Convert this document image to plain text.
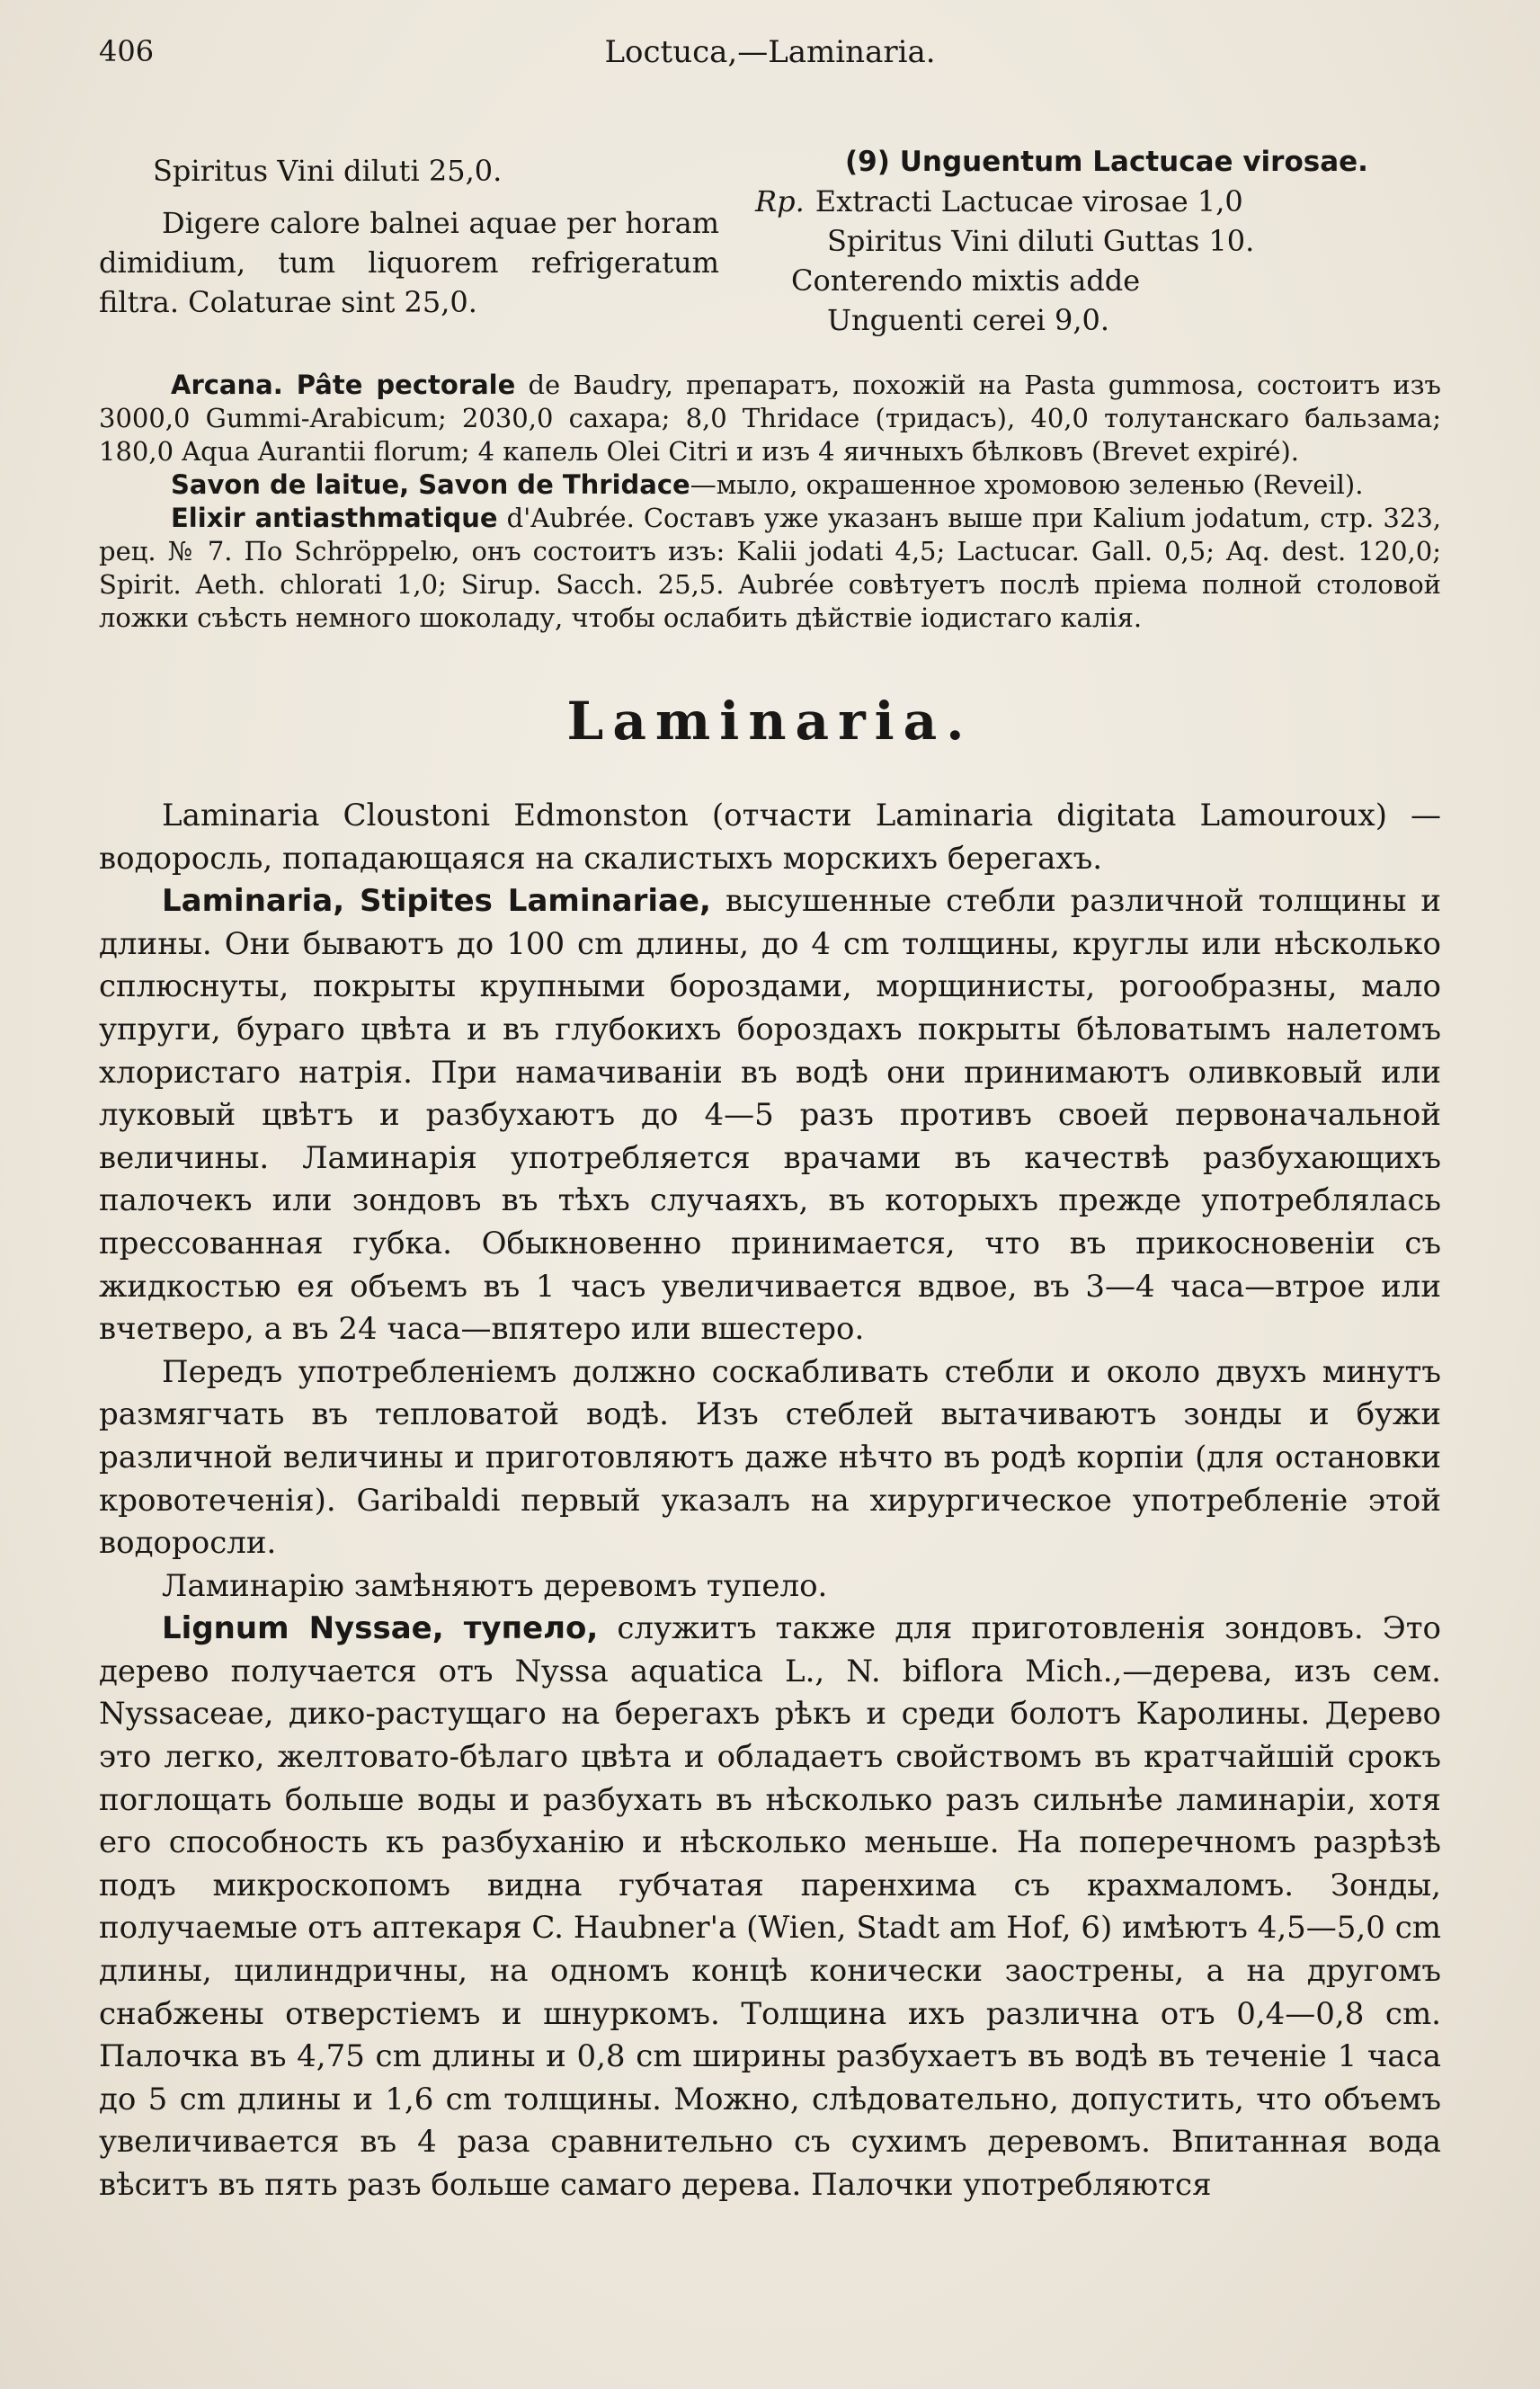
406	Loctuca,—Laminaria.

Spiritus Vini diluti 25,0.

Digere calore balnei aquae per horam dimidium, tum liquorem refrigeratum filtra. Colaturae sint 25,0.

(9) Unguentum Lactucae virosae.
Rp. Extracti Lactucae virosae 1,0
Spiritus Vini diluti Guttas 10.
Conterendo mixtis adde
Unguenti cerei 9,0.

Arcana. Pâte pectorale de Baudry, препаратъ, похожій на Pasta gummosa, состоитъ изъ 3000,0 Gummi-Arabicum; 2030,0 сахара; 8,0 Thridace (тридасъ), 40,0 толутанскаго бальзама; 180,0 Aqua Aurantii florum; 4 капель Olei Citri и изъ 4 яичныхъ бѣлковъ (Brevet expiré).

Savon de laitue, Savon de Thridace—мыло, окрашенное хромовою зеленью (Reveil).

Elixir antiasthmatique d'Aubrée. Составъ уже указанъ выше при Kalium jodatum, стр. 323, рец. № 7. По Schröppelю, онъ состоитъ изъ: Kalii jodati 4,5; Lactucar. Gall. 0,5; Aq. dest. 120,0; Spirit. Aeth. chlorati 1,0; Sirup. Sacch. 25,5. Aubrée совѣтуетъ послѣ пріема полной столовой ложки съѣсть немного шоколаду, чтобы ослабить дѣйствіе іодистаго калія.

Laminaria.

Laminaria Cloustoni Edmonston (отчасти Laminaria digitata Lamouroux) — водоросль, попадающаяся на скалистыхъ морскихъ берегахъ.

Laminaria, Stipites Laminariae, высушенные стебли различной толщины и длины. Они бываютъ до 100 cm длины, до 4 cm толщины, круглы или нѣсколько сплюснуты, покрыты крупными бороздами, морщинисты, рогообразны, мало упруги, бураго цвѣта и въ глубокихъ бороздахъ покрыты бѣловатымъ налетомъ хлористаго натрія. При намачиваніи въ водѣ они принимаютъ оливковый или луковый цвѣтъ и разбухаютъ до 4—5 разъ противъ своей первоначальной величины. Ламинарія употребляется врачами въ качествѣ разбухающихъ палочекъ или зондовъ въ тѣхъ случаяхъ, въ которыхъ прежде употреблялась прессованная губка. Обыкновенно принимается, что въ прикосновеніи съ жидкостью ея объемъ въ 1 часъ увеличивается вдвое, въ 3—4 часа—втрое или вчетверо, а въ 24 часа—впятеро или вшестеро.

Передъ употребленіемъ должно соскабливать стебли и около двухъ минутъ размягчать въ тепловатой водѣ. Изъ стеблей вытачиваютъ зонды и бужи различной величины и приготовляютъ даже нѣчто въ родѣ корпіи (для остановки кровотеченія). Garibaldi первый указалъ на хирургическое употребленіе этой водоросли.

Ламинарію замѣняютъ деревомъ тупело.

Lignum Nyssae, тупело, служитъ также для приготовленія зондовъ. Это дерево получается отъ Nyssa aquatica L., N. biflora Mich.,—дерева, изъ сем. Nyssaceae, дико-растущаго на берегахъ рѣкъ и среди болотъ Каролины. Дерево это легко, желтовато-бѣлаго цвѣта и обладаетъ свойствомъ въ кратчайшій срокъ поглощать больше воды и разбухать въ нѣсколько разъ сильнѣе ламинаріи, хотя его способность къ разбуханію и нѣсколько меньше. На поперечномъ разрѣзѣ подъ микроскопомъ видна губчатая паренхима съ крахмаломъ. Зонды, получаемые отъ аптекаря C. Haubner'a (Wien, Stadt am Hof, 6) имѣютъ 4,5—5,0 cm длины, цилиндричны, на одномъ концѣ конически заострены, а на другомъ снабжены отверстіемъ и шнуркомъ. Толщина ихъ различна отъ 0,4—0,8 cm. Палочка въ 4,75 cm длины и 0,8 cm ширины разбухаетъ въ водѣ въ теченіе 1 часа до 5 cm длины и 1,6 cm толщины. Можно, слѣдовательно, допустить, что объемъ увеличивается въ 4 раза сравнительно съ сухимъ деревомъ. Впитанная вода вѣситъ въ пять разъ больше самаго дерева. Палочки употребляются
